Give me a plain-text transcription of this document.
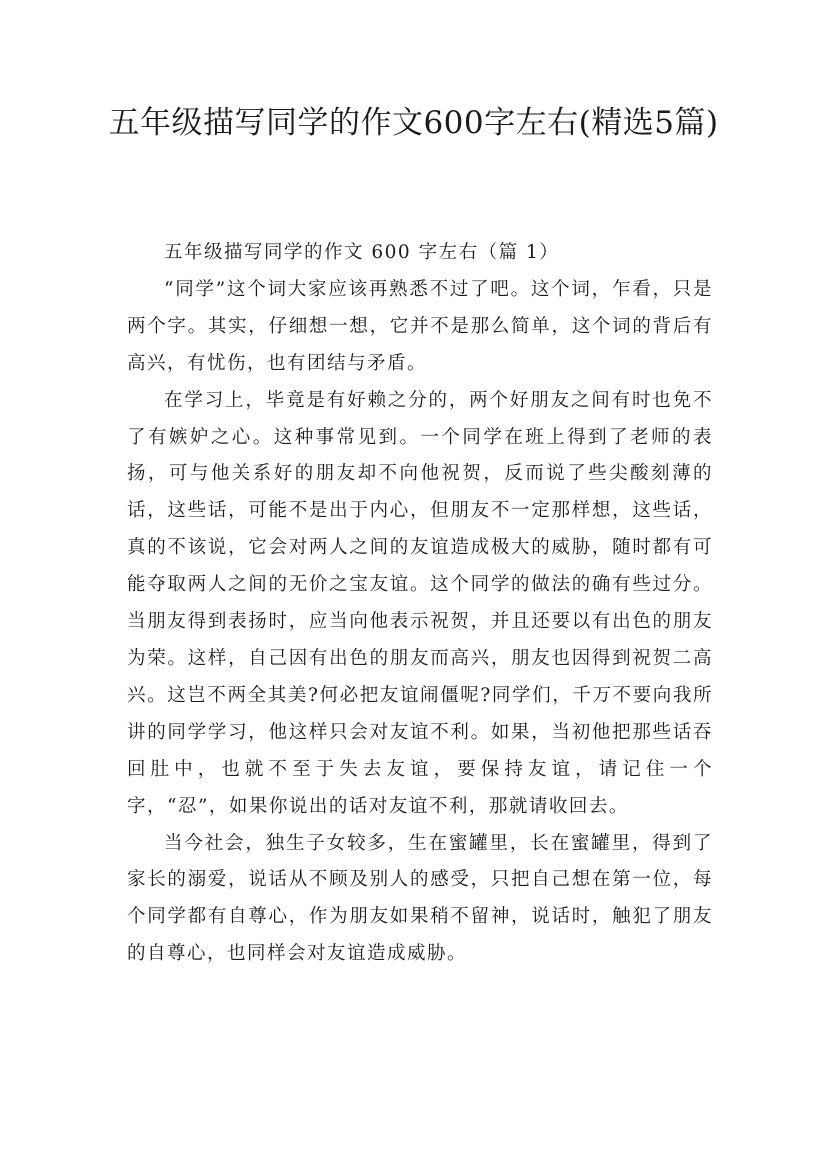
五年级描写同学的作文600字左右(精选5篇)

五年级描写同学的作文 600 字左右（篇 1）

“同学”这个词大家应该再熟悉不过了吧。这个词，乍看，只是两个字。其实，仔细想一想，它并不是那么简单，这个词的背后有高兴，有忧伤，也有团结与矛盾。

在学习上，毕竟是有好赖之分的，两个好朋友之间有时也免不了有嫉妒之心。这种事常见到。一个同学在班上得到了老师的表扬，可与他关系好的朋友却不向他祝贺，反而说了些尖酸刻薄的话，这些话，可能不是出于内心，但朋友不一定那样想，这些话，真的不该说，它会对两人之间的友谊造成极大的威胁，随时都有可能夺取两人之间的无价之宝友谊。这个同学的做法的确有些过分。当朋友得到表扬时，应当向他表示祝贺，并且还要以有出色的朋友为荣。这样，自己因有出色的朋友而高兴，朋友也因得到祝贺二高兴。这岂不两全其美?何必把友谊闹僵呢?同学们，千万不要向我所讲的同学学习，他这样只会对友谊不利。如果，当初他把那些话吞回肚中，也就不至于失去友谊，要保持友谊，请记住一个字，“忍”，如果你说出的话对友谊不利，那就请收回去。

当今社会，独生子女较多，生在蜜罐里，长在蜜罐里，得到了家长的溺爱，说话从不顾及别人的感受，只把自己想在第一位，每个同学都有自尊心，作为朋友如果稍不留神，说话时，触犯了朋友的自尊心，也同样会对友谊造成威胁。
